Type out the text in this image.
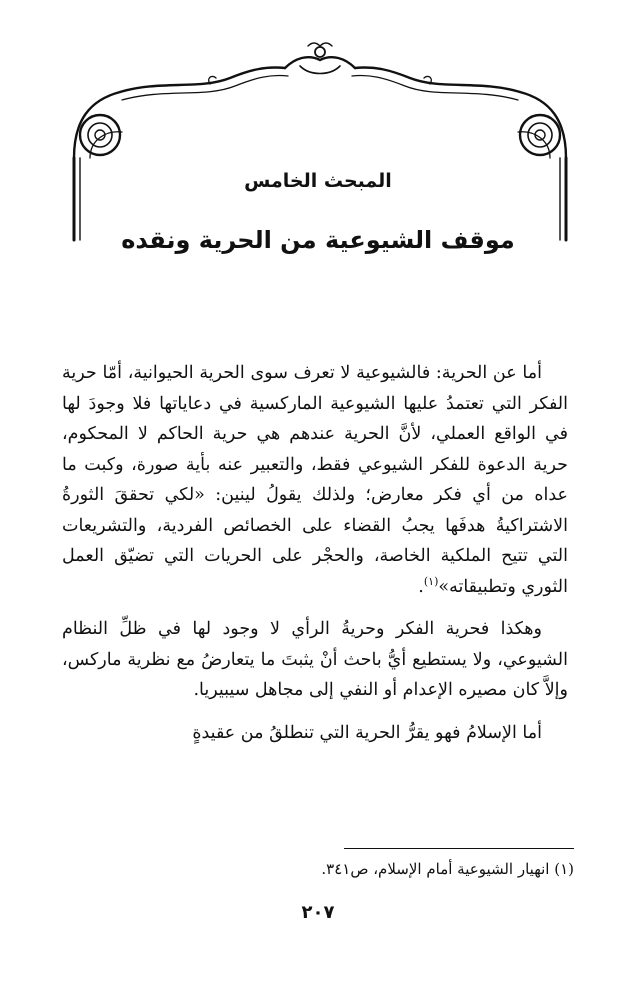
المبحث الخامس
موقف الشيوعية من الحرية ونقده

أما عن الحرية: فالشيوعية لا تعرف سوى الحرية الحيوانية، أمّا حرية الفكر التي تعتمدُ عليها الشيوعية الماركسية في دعاياتها فلا وجودَ لها في الواقع العملي، لأنَّ الحرية عندهم هي حرية الحاكم لا المحكوم، حرية الدعوة للفكر الشيوعي فقط، والتعبير عنه بأية صورة، وكبت ما عداه من أي فكر معارض؛ ولذلك يقولُ لينين: «لكي تحققَ الثورةُ الاشتراكيةُ هدفَها يجبُ القضاء على الخصائص الفردية، والتشريعات التي تتيح الملكية الخاصة، والحجْر على الحريات التي تضيّق العمل الثوري وتطبيقاته»$^{(١)}$.

وهكذا فحرية الفكر وحريةُ الرأي لا وجود لها في ظلِّ النظام الشيوعي، ولا يستطيع أيُّ باحث أنْ يثبتَ ما يتعارضُ مع نظرية ماركس، وإلاَّ كان مصيره الإعدام أو النفي إلى مجاهل سيبيريا.

أما الإسلامُ فهو يقرُّ الحرية التي تنطلقُ من عقيدةٍ

(١) انهيار الشيوعية أمام الإسلام، ص٣٤١.
٢٠٧
